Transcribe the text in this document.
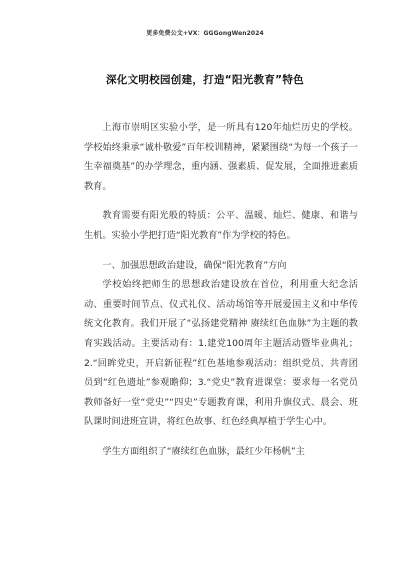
更多免费公文+VX：GGGongWen2024
深化文明校园创建，打造“阳光教育”特色

上海市崇明区实验小学，是一所具有120年灿烂历史的学校。学校始终秉承“诚朴敬爱”百年校训精神，紧紧围绕“为每一个孩子一生幸福奠基”的办学理念，重内涵、强素质、促发展，全面推进素质教育。

教育需要有阳光般的特质：公平、温暖、灿烂、健康、和谐与生机。实验小学把打造“阳光教育”作为学校的特色。

一、加强思想政治建设，确保“阳光教育”方向

学校始终把师生的思想政治建设放在首位，利用重大纪念活动、重要时间节点、仪式礼仪、活动场馆等开展爱国主义和中华传统文化教育。我们开展了“弘扬建党精神 赓续红色血脉”为主题的教育实践活动。主要活动有：1.建党100周年主题活动暨毕业典礼；2.“回眸党史，开启新征程”红色基地参观活动：组织党员、共青团员到“红色遗址”参观瞻仰；3.“党史”教育进课堂：要求每一名党员教师备好一堂“党史”“四史”专题教育课，利用升旗仪式、晨会、班队课时间进班宣讲，将红色故事、红色经典厚植于学生心中。

学生方面组织了“赓续红色血脉，最红少年杨帆”主
